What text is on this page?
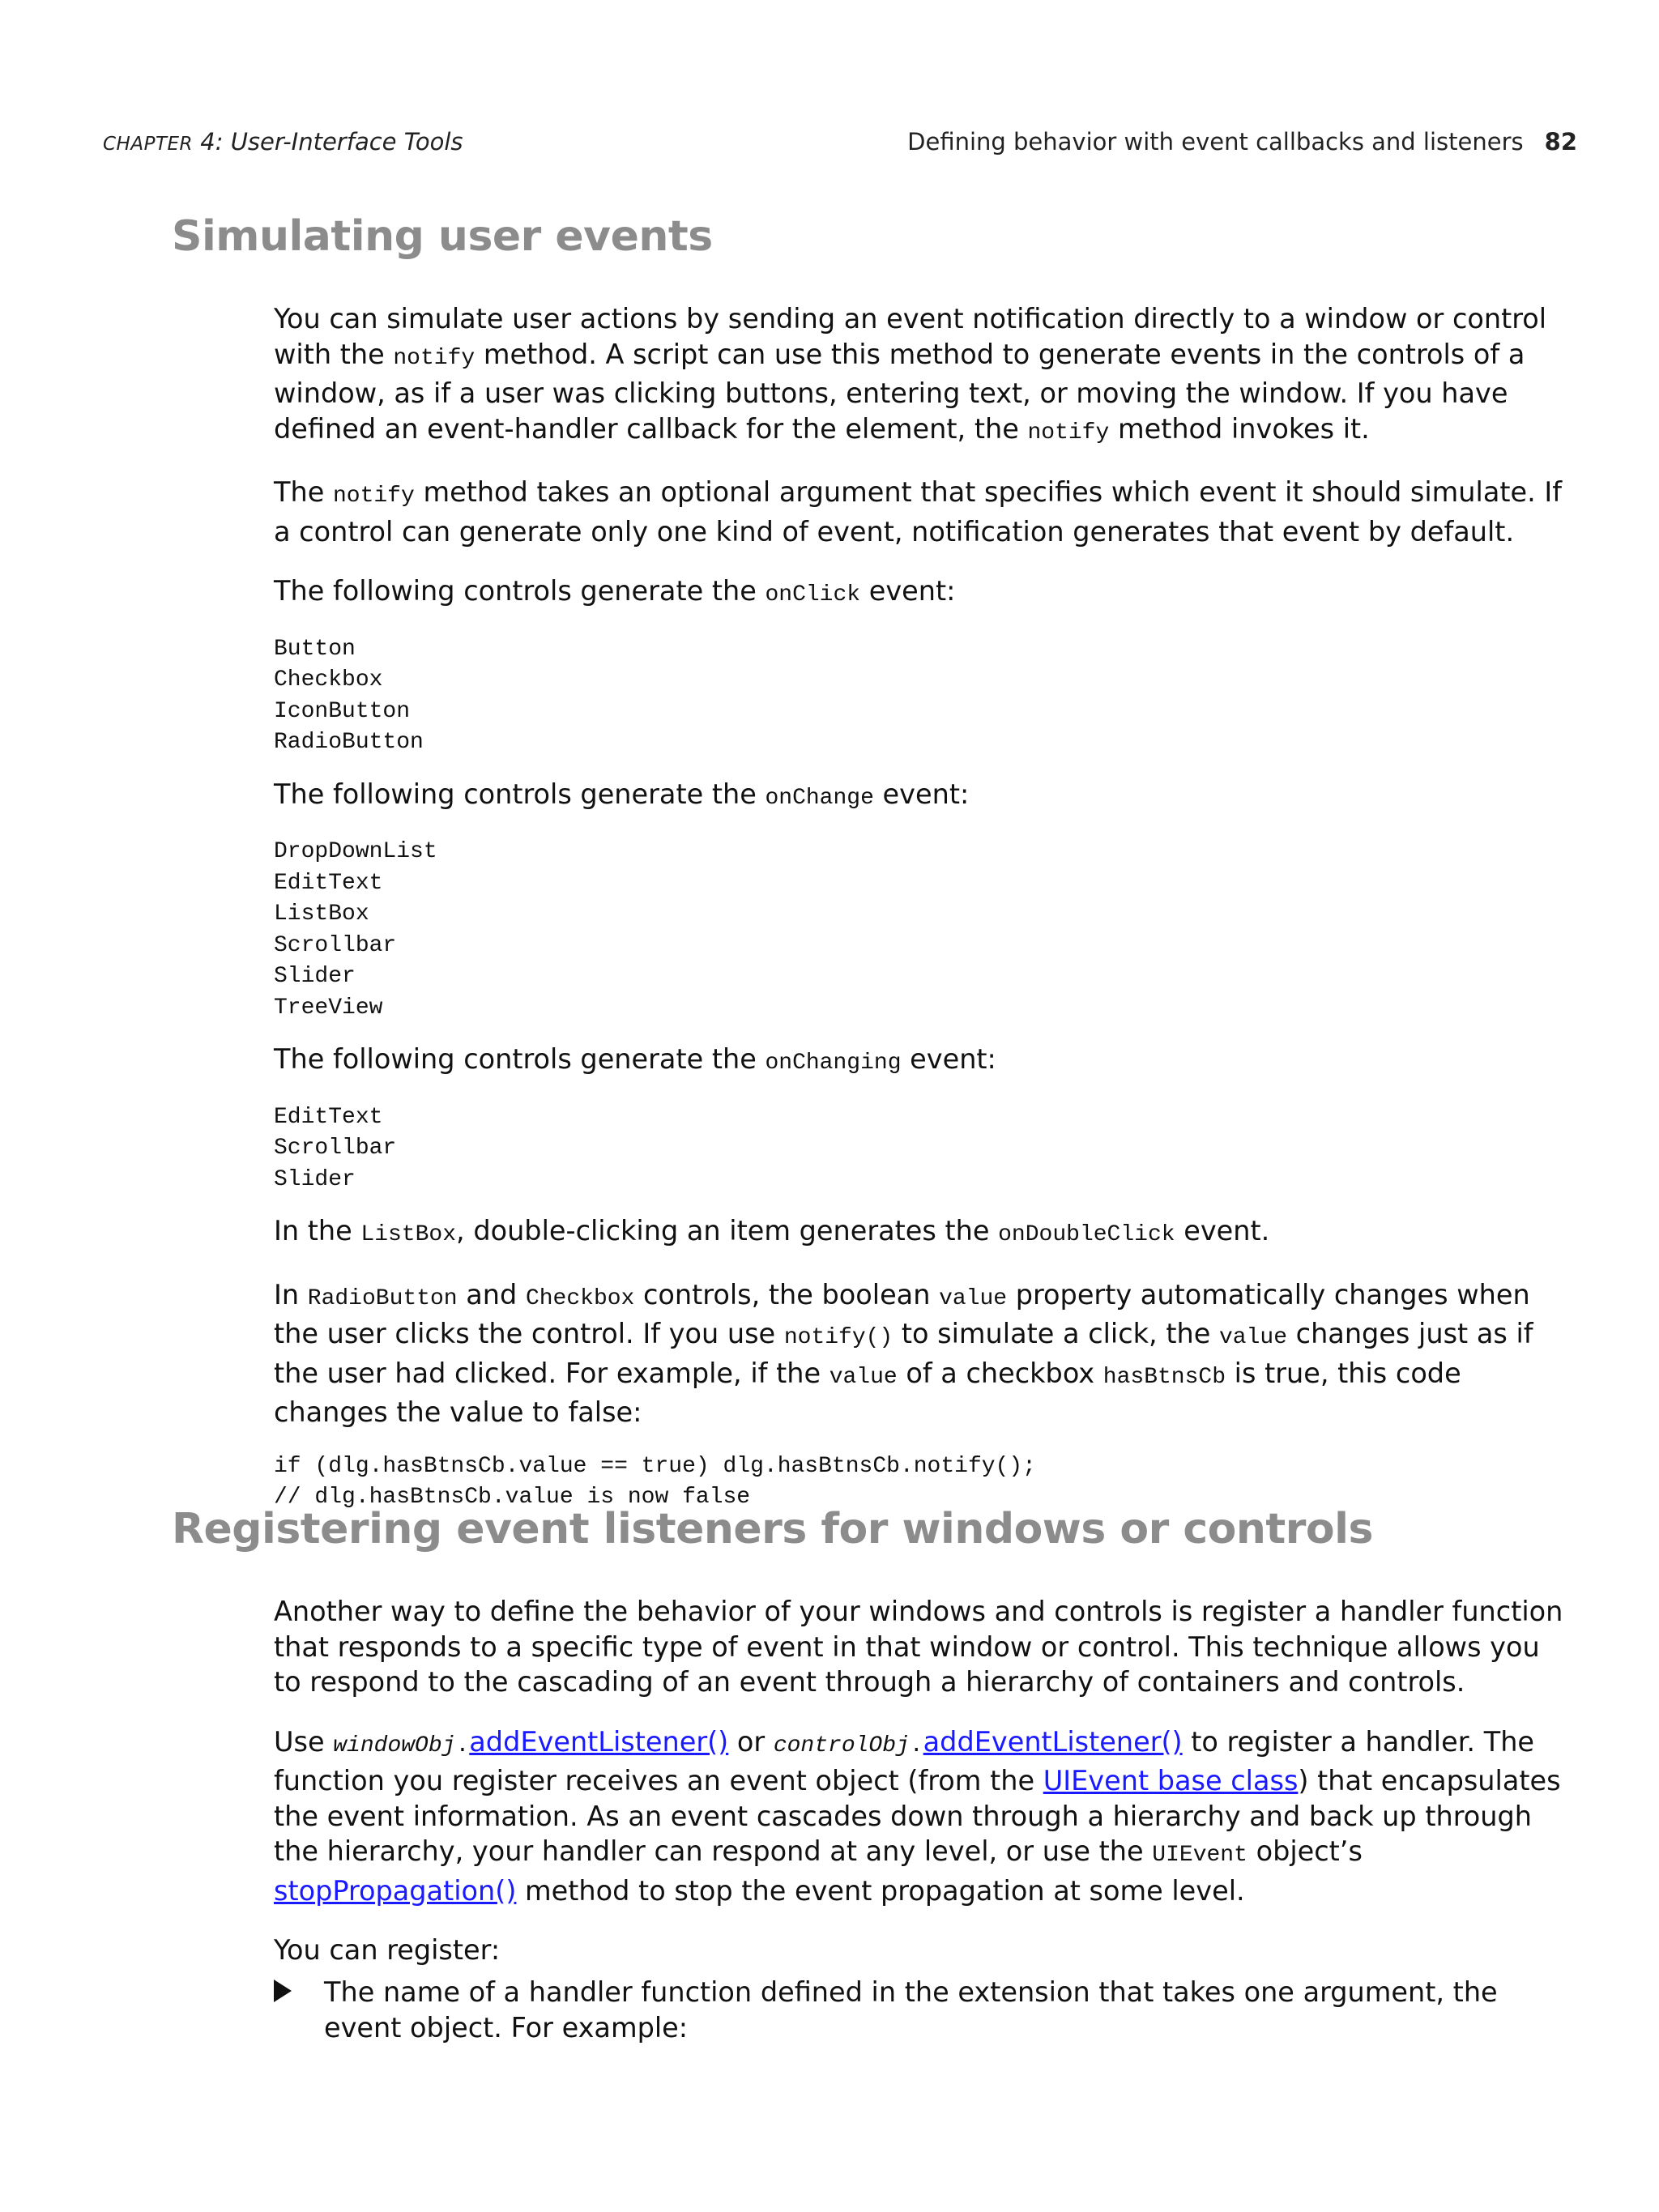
CHAPTER 4: User-Interface Tools	Defining behavior with event callbacks and listeners 82
Simulating user events

You can simulate user actions by sending an event notification directly to a window or control with the notify method. A script can use this method to generate events in the controls of a window, as if a user was clicking buttons, entering text, or moving the window. If you have defined an event-handler callback for the element, the notify method invokes it.

The notify method takes an optional argument that specifies which event it should simulate. If a control can generate only one kind of event, notification generates that event by default.

The following controls generate the onClick event:

Button
Checkbox
IconButton
RadioButton

The following controls generate the onChange event:

DropDownList
EditText
ListBox
Scrollbar
Slider
TreeView

The following controls generate the onChanging event:

EditText
Scrollbar
Slider

In the ListBox, double-clicking an item generates the onDoubleClick event.

In RadioButton and Checkbox controls, the boolean value property automatically changes when the user clicks the control. If you use notify() to simulate a click, the value changes just as if the user had clicked. For example, if the value of a checkbox hasBtnsCb is true, this code changes the value to false:

if (dlg.hasBtnsCb.value == true) dlg.hasBtnsCb.notify();
// dlg.hasBtnsCb.value is now false
Registering event listeners for windows or controls

Another way to define the behavior of your windows and controls is register a handler function that responds to a specific type of event in that window or control. This technique allows you to respond to the cascading of an event through a hierarchy of containers and controls.

Use windowObj.addEventListener() or controlObj.addEventListener() to register a handler. The function you register receives an event object (from the UIEvent base class) that encapsulates the event information. As an event cascades down through a hierarchy and back up through the hierarchy, your handler can respond at any level, or use the UIEvent object’s stopPropagation() method to stop the event propagation at some level.

You can register:

The name of a handler function defined in the extension that takes one argument, the event object. For example:
